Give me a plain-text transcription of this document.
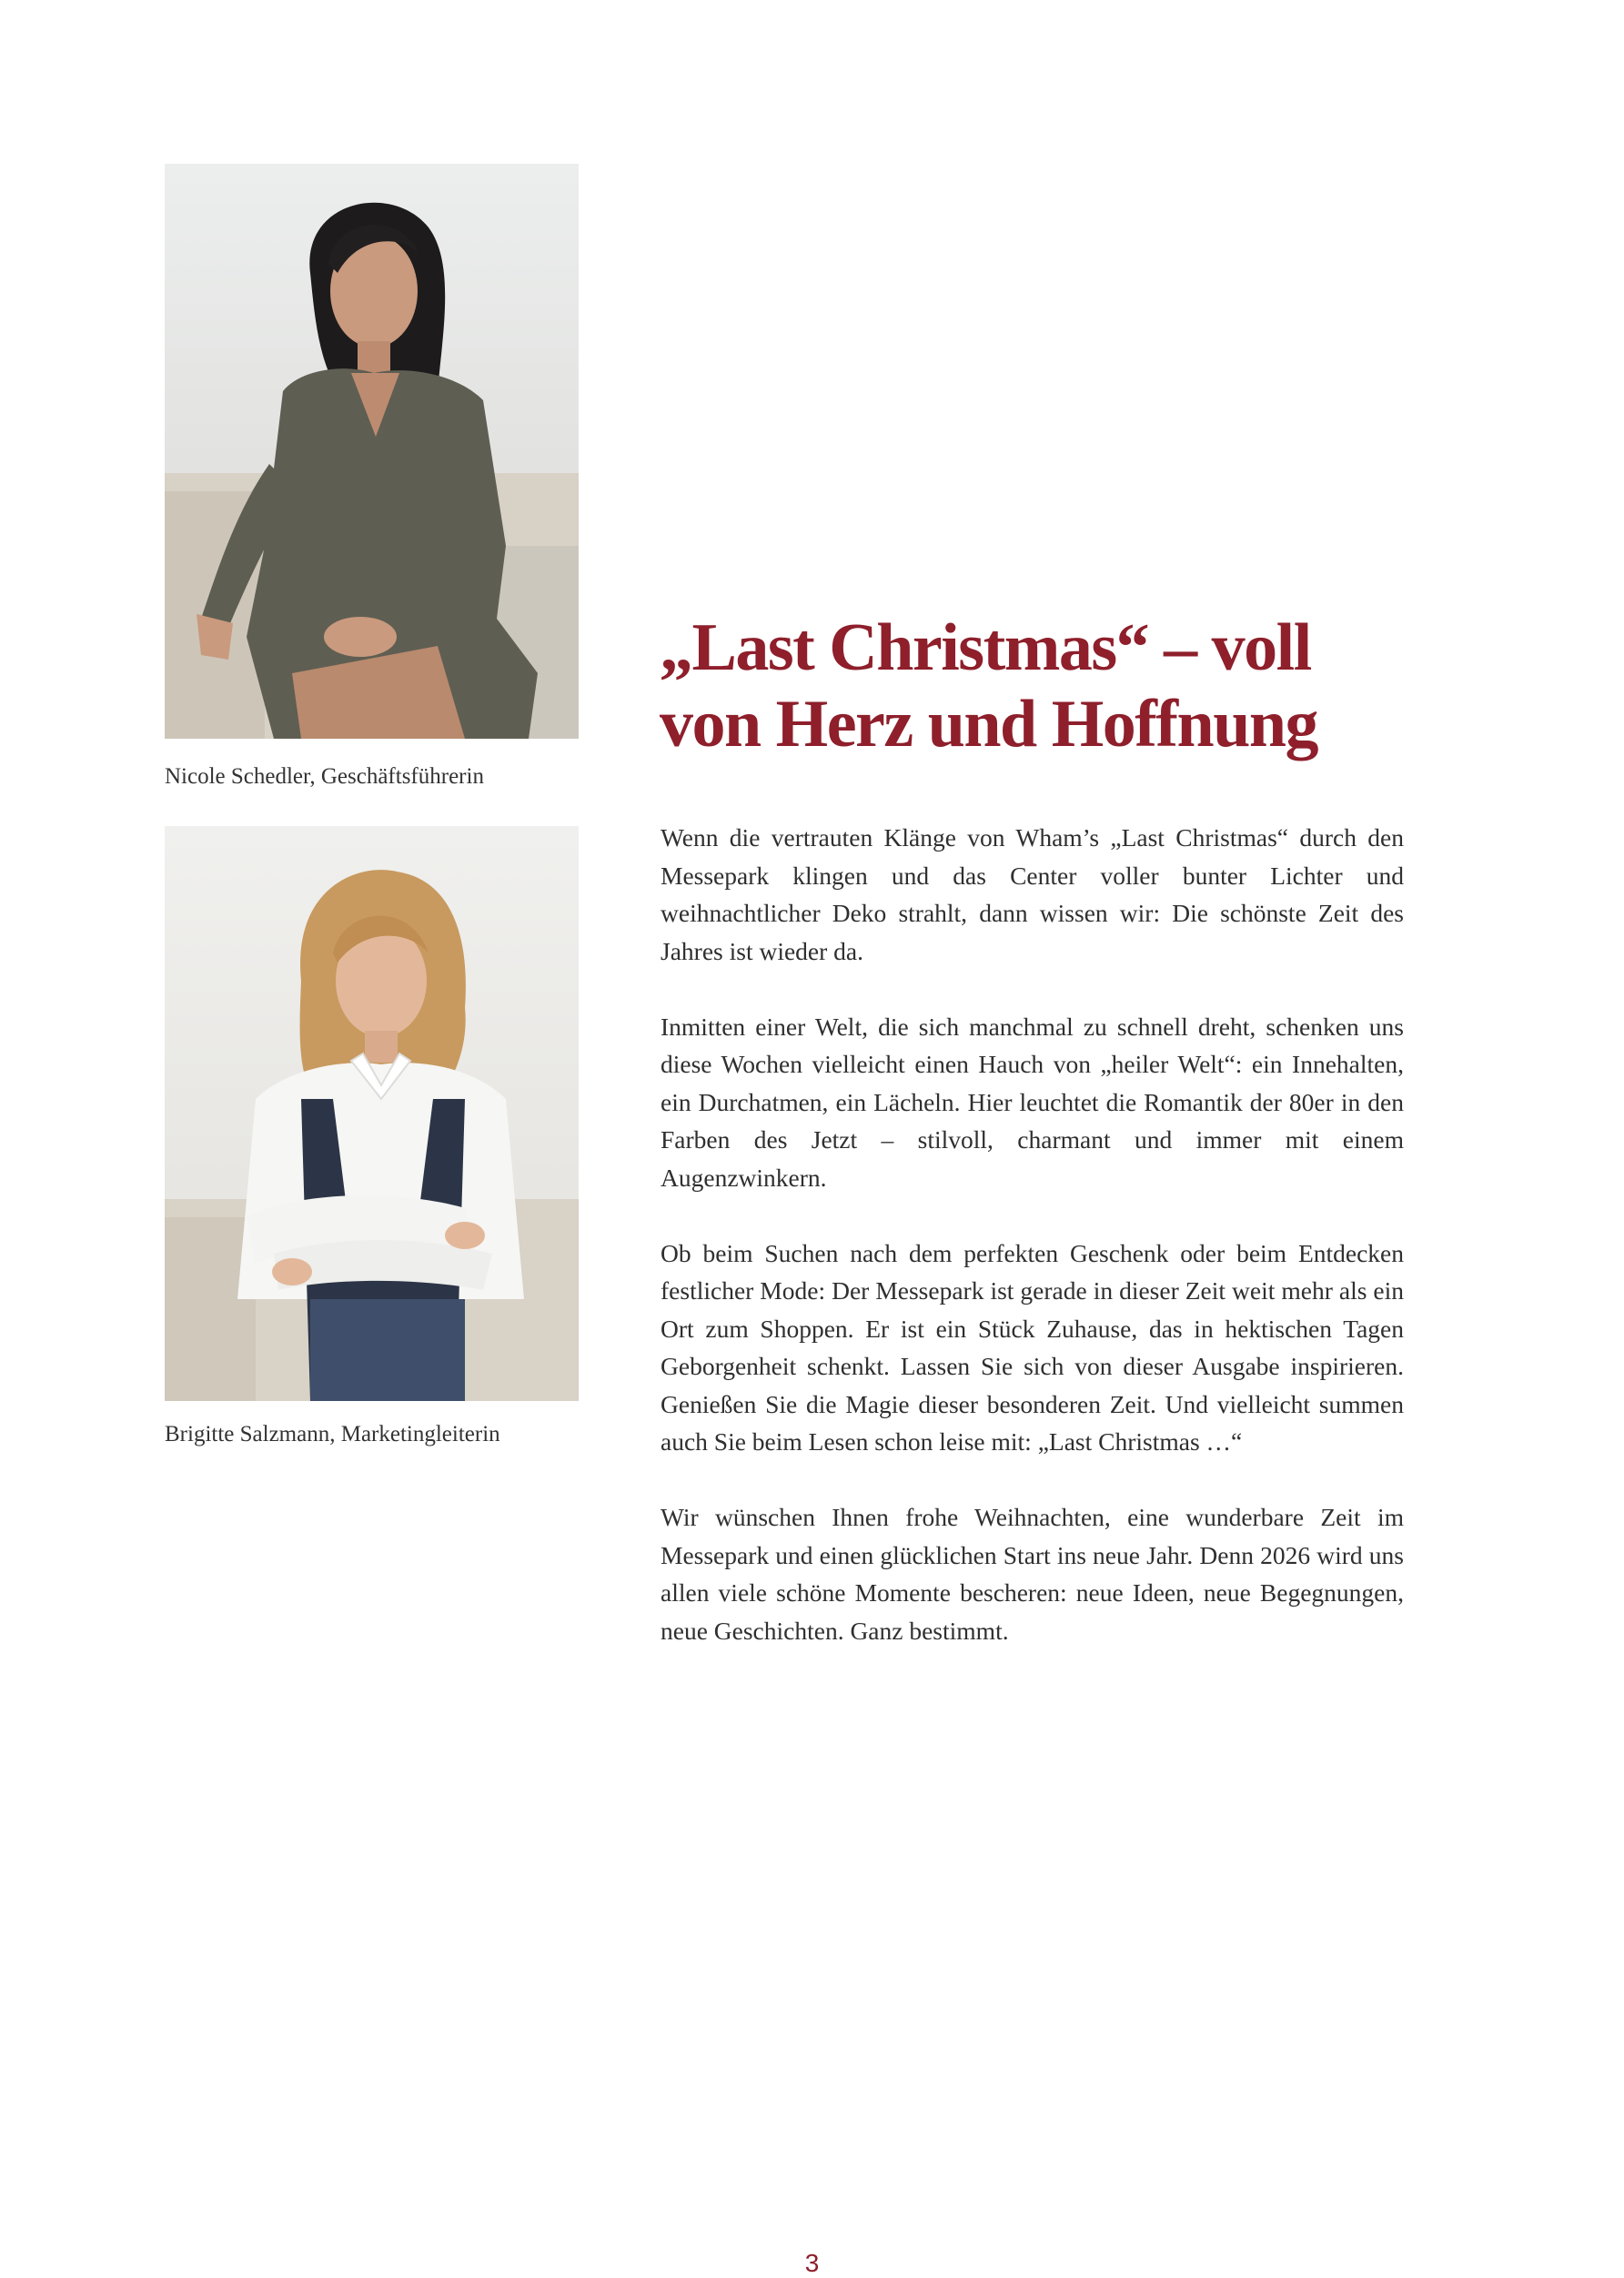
Nicole Schedler, Geschäftsführerin
Brigitte Salzmann, Marketingleiterin
„Last Christmas“ – voll
von Herz und Hoffnung

Wenn die vertrauten Klänge von Wham’s „Last Christmas“ durch den Messepark klingen und das Center voller bunter Lichter und weihnachtlicher Deko strahlt, dann wissen wir: Die schönste Zeit des Jahres ist wieder da.

Inmitten einer Welt, die sich manchmal zu schnell dreht, schenken uns diese Wochen vielleicht einen Hauch von „heiler Welt“: ein Innehalten, ein Durchatmen, ein Lächeln. Hier leuchtet die Romantik der 80er in den Farben des Jetzt – stilvoll, charmant und immer mit einem Augenzwinkern.

Ob beim Suchen nach dem perfekten Geschenk oder beim Entdecken festlicher Mode: Der Messepark ist gerade in dieser Zeit weit mehr als ein Ort zum Shoppen. Er ist ein Stück Zuhause, das in hektischen Tagen Geborgenheit schenkt. Lassen Sie sich von dieser Ausgabe inspirieren. Genießen Sie die Magie dieser besonderen Zeit. Und vielleicht summen auch Sie beim Lesen schon leise mit: „Last Christmas …“

Wir wünschen Ihnen frohe Weihnachten, eine wunderbare Zeit im Messepark und einen glücklichen Start ins neue Jahr. Denn 2026 wird uns allen viele schöne Momente bescheren: neue Ideen, neue Begegnungen, neue Geschichten. Ganz bestimmt.

3
